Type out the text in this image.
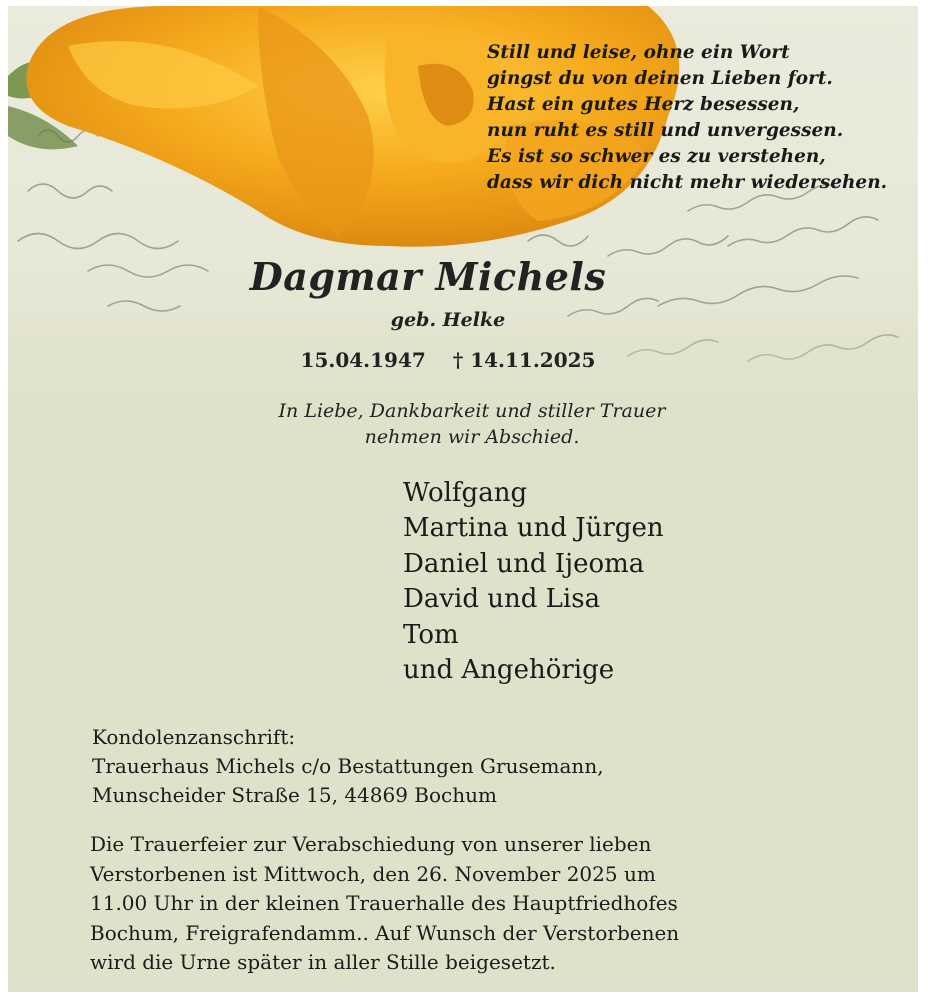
Still und leise, ohne ein Wort
gingst du von deinen Lieben fort.
Hast ein gutes Herz besessen,
nun ruht es still und unvergessen.
Es ist so schwer es zu verstehen,
dass wir dich nicht mehr wiedersehen.
Dagmar Michels
geb. Helke
15.04.1947 † 14.11.2025
In Liebe, Dankbarkeit und stiller Trauer
nehmen wir Abschied.
Wolfgang
Martina und Jürgen
Daniel und Ijeoma
David und Lisa
Tom
und Angehörige
Kondolenzanschrift:
Trauerhaus Michels c/o Bestattungen Grusemann,
Munscheider Straße 15, 44869 Bochum
Die Trauerfeier zur Verabschiedung von unserer lieben
Verstorbenen ist Mittwoch, den 26. November 2025 um
11.00 Uhr in der kleinen Trauerhalle des Hauptfriedhofes
Bochum, Freigrafendamm.. Auf Wunsch der Verstorbenen
wird die Urne später in aller Stille beigesetzt.
